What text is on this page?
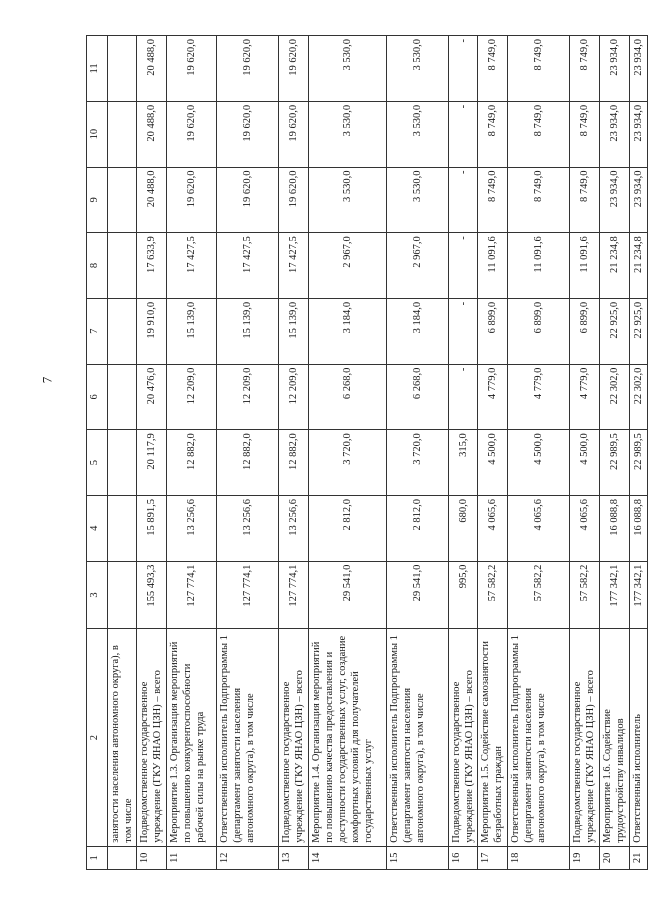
7
1	2	3	4	5	6	7	8	9	10	11
	занятости населения автономного округа), в том числе									
10	Подведомственное государственное учреждение (ГКУ ЯНАО ЦЗН) – всего	155 493,3	15 891,5	20 117,9	20 476,0	19 910,0	17 633,9	20 488,0	20 488,0	20 488,0
11	Мероприятие 1.3. Организация мероприятий по повышению конкурентоспособности рабочей силы на рынке труда	127 774,1	13 256,6	12 882,0	12 209,0	15 139,0	17 427,5	19 620,0	19 620,0	19 620,0
12	Ответственный исполнитель Подпрограммы 1 (департамент занятости населения автономного округа), в том числе	127 774,1	13 256,6	12 882,0	12 209,0	15 139,0	17 427,5	19 620,0	19 620,0	19 620,0
13	Подведомственное государственное учреждение (ГКУ ЯНАО ЦЗН) – всего	127 774,1	13 256,6	12 882,0	12 209,0	15 139,0	17 427,5	19 620,0	19 620,0	19 620,0
14	Мероприятие 1.4. Организация мероприятий по повышению качества предоставления и доступности государственных услуг, создание комфортных условий для получателей государственных услуг	29 541,0	2 812,0	3 720,0	6 268,0	3 184,0	2 967,0	3 530,0	3 530,0	3 530,0
15	Ответственный исполнитель Подпрограммы 1 (департамент занятости населения автономного округа), в том числе	29 541,0	2 812,0	3 720,0	6 268,0	3 184,0	2 967,0	3 530,0	3 530,0	3 530,0
16	Подведомственное государственное учреждение (ГКУ ЯНАО ЦЗН) – всего	995,0	680,0	315,0	-	-	-	-	-	-
17	Мероприятие 1.5. Содействие самозанятости безработных граждан	57 582,2	4 065,6	4 500,0	4 779,0	6 899,0	11 091,6	8 749,0	8 749,0	8 749,0
18	Ответственный исполнитель Подпрограммы 1 (департамент занятости населения автономного округа), в том числе	57 582,2	4 065,6	4 500,0	4 779,0	6 899,0	11 091,6	8 749,0	8 749,0	8 749,0
19	Подведомственное государственное учреждение (ГКУ ЯНАО ЦЗН) – всего	57 582,2	4 065,6	4 500,0	4 779,0	6 899,0	11 091,6	8 749,0	8 749,0	8 749,0
20	Мероприятие 1.6. Содействие трудоустройству инвалидов	177 342,1	16 088,8	22 989,5	22 302,0	22 925,0	21 234,8	23 934,0	23 934,0	23 934,0
21	Ответственный исполнитель	177 342,1	16 088,8	22 989,5	22 302,0	22 925,0	21 234,8	23 934,0	23 934,0	23 934,0
